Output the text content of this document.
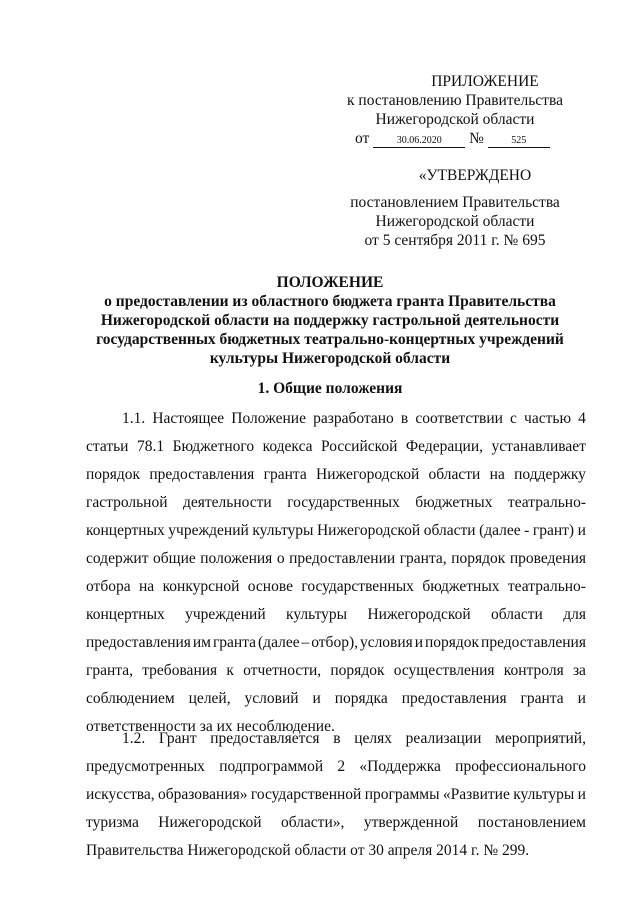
ПРИЛОЖЕНИЕ
к постановлению Правительства
Нижегородской области
от	30.06.2020 №	525
«УТВЕРЖДЕНО
постановлением Правительства
Нижегородской области
от 5 сентября 2011 г. № 695
ПОЛОЖЕНИЕ
о предоставлении из областного бюджета гранта Правительства
Нижегородской области на поддержку гастрольной деятельности
государственных бюджетных театрально-концертных учреждений
культуры Нижегородской области
1. Общие положения
1.1. Настоящее Положение разработано в соответствии с частью 4
статьи 78.1 Бюджетного кодекса Российской Федерации, устанавливает
порядок предоставления гранта Нижегородской области на поддержку
гастрольной деятельности государственных бюджетных театрально-
концертных учреждений культуры Нижегородской области (далее - грант) и
содержит общие положения о предоставлении гранта, порядок проведения
отбора на конкурсной основе государственных бюджетных театрально-
концертных учреждений культуры Нижегородской области для
предоставления им гранта (далее – отбор), условия и порядок предоставления
гранта, требования к отчетности, порядок осуществления контроля за
соблюдением целей, условий и порядка предоставления гранта и
ответственности за их несоблюдение.
1.2. Грант предоставляется в целях реализации мероприятий,
предусмотренных подпрограммой 2 «Поддержка профессионального
искусства, образования» государственной программы «Развитие культуры и
туризма Нижегородской области», утвержденной постановлением
Правительства Нижегородской области от 30 апреля 2014 г. № 299.
